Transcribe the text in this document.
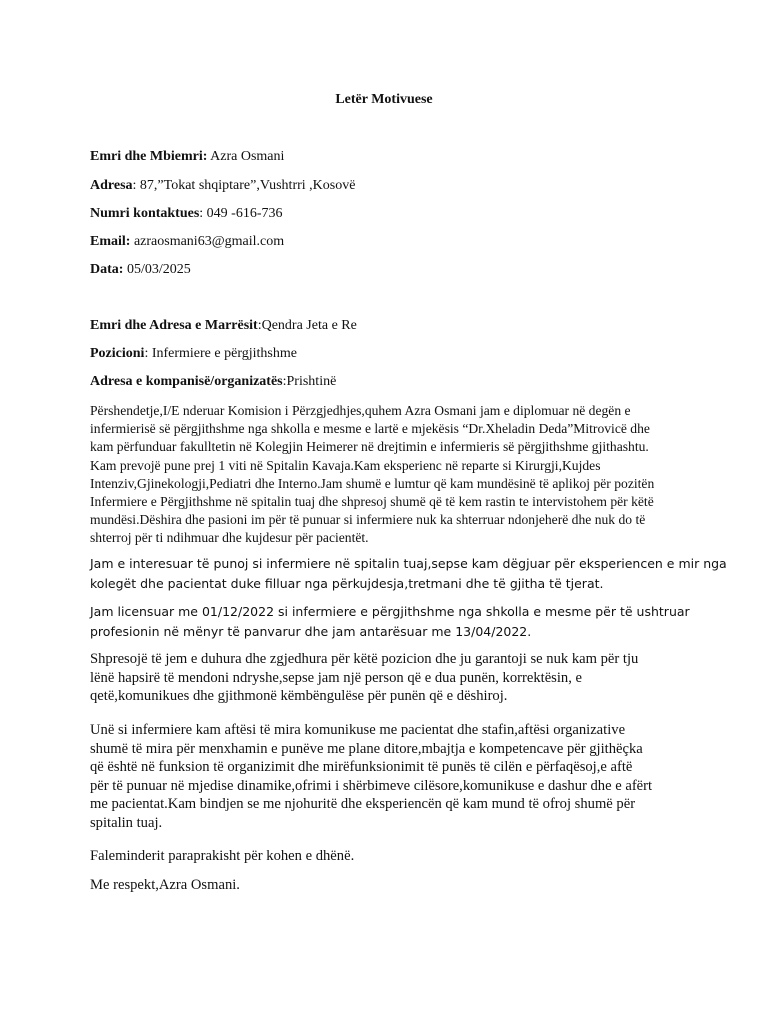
Letër Motivuese
Emri dhe Mbiemri: Azra Osmani
Adresa: 87,”Tokat shqiptare”,Vushtrri ,Kosovë
Numri kontaktues: 049 -616-736
Email: azraosmani63@gmail.com
Data: 05/03/2025
Emri dhe Adresa e Marrësit:Qendra Jeta e Re
Pozicioni: Infermiere e përgjithshme
Adresa e kompanisë/organizatës:Prishtinë
Përshendetje,I/E nderuar Komision i Përzgjedhjes,quhem Azra Osmani jam e diplomuar në degën e
infermierisë së përgjithshme nga shkolla e mesme e lartë e mjekësis “Dr.Xheladin Deda”Mitrovicë dhe
kam përfunduar fakulltetin në Kolegjin Heimerer në drejtimin e infermieris së përgjithshme gjithashtu.
Kam prevojë pune prej 1 viti në Spitalin Kavaja.Kam eksperienc në reparte si Kirurgji,Kujdes
Intenziv,Gjinekologji,Pediatri dhe Interno.Jam shumë e lumtur që kam mundësinë të aplikoj për pozitën
Infermiere e Përgjithshme në spitalin tuaj dhe shpresoj shumë që të kem rastin te intervistohem për këtë
mundësi.Dëshira dhe pasioni im për të punuar si infermiere nuk ka shterruar ndonjeherë dhe nuk do të
shterroj për ti ndihmuar dhe kujdesur për pacientët.
Jam e interesuar të punoj si infermiere në spitalin tuaj,sepse kam dëgjuar për eksperiencen e mir nga
kolegët dhe pacientat duke filluar nga përkujdesja,tretmani dhe të gjitha të tjerat.
Jam licensuar me 01/12/2022 si infermiere e përgjithshme nga shkolla e mesme për të ushtruar
profesionin në mënyr të panvarur dhe jam antarësuar me 13/04/2022.
Shpresojë të jem e duhura dhe zgjedhura për këtë pozicion dhe ju garantoji se nuk kam për tju
lënë hapsirë të mendoni ndryshe,sepse jam një person që e dua punën, korrektësin, e
qetë,komunikues dhe gjithmonë këmbëngulëse për punën që e dëshiroj.
Unë si infermiere kam aftësi të mira komunikuse me pacientat dhe stafin,aftësi organizative
shumë të mira për menxhamin e punëve me plane ditore,mbajtja e kompetencave për gjithëçka
që është në funksion të organizimit dhe mirëfunksionimit të punës të cilën e përfaqësoj,e aftë
për të punuar në mjedise dinamike,ofrimi i shërbimeve cilësore,komunikuse e dashur dhe e afërt
me pacientat.Kam bindjen se me njohuritë dhe eksperiencën që kam mund të ofroj shumë për
spitalin tuaj.
Faleminderit paraprakisht për kohen e dhënë.
Me respekt,Azra Osmani.
